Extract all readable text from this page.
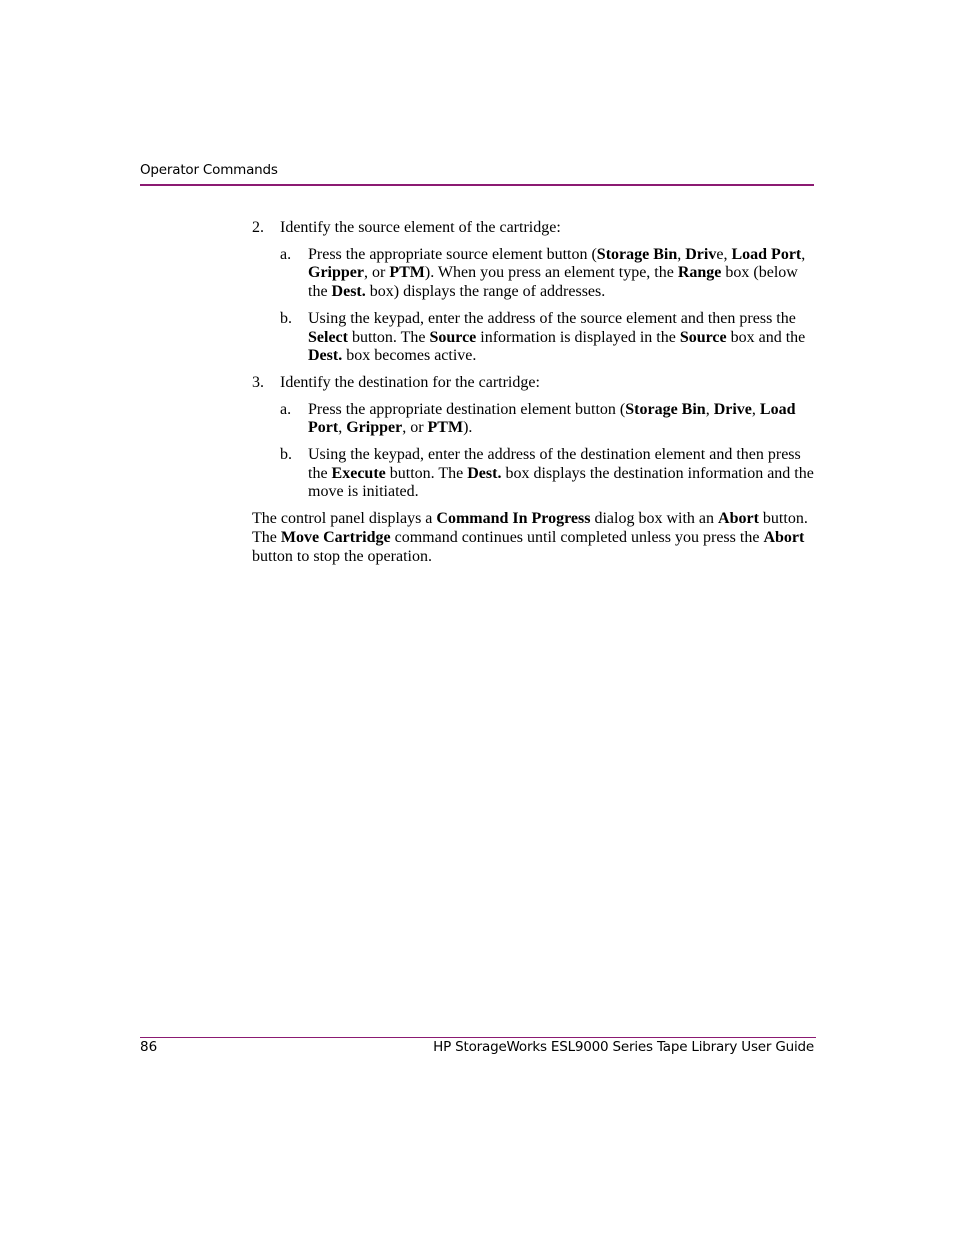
Operator Commands
2. Identify the source element of the cartridge:
a. Press the appropriate source element button (Storage Bin, Drive, Load Port, Gripper, or PTM). When you press an element type, the Range box (below the Dest. box) displays the range of addresses.
b. Using the keypad, enter the address of the source element and then press the Select button. The Source information is displayed in the Source box and the Dest. box becomes active.
3. Identify the destination for the cartridge:
a. Press the appropriate destination element button (Storage Bin, Drive, Load Port, Gripper, or PTM).
b. Using the keypad, enter the address of the destination element and then press the Execute button. The Dest. box displays the destination information and the move is initiated.

The control panel displays a Command In Progress dialog box with an Abort button. The Move Cartridge command continues until completed unless you press the Abort button to stop the operation.

86	HP StorageWorks ESL9000 Series Tape Library User Guide
